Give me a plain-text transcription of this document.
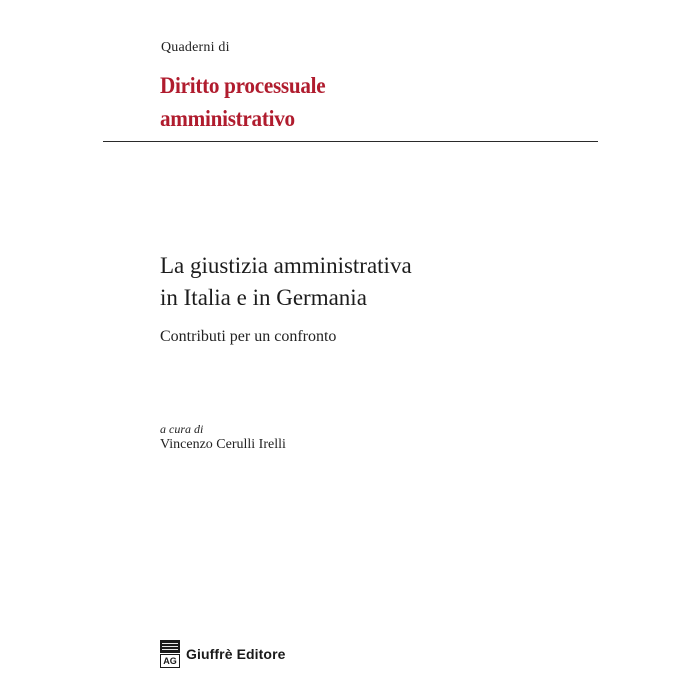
Quaderni di
Diritto processuale
amministrativo
La giustizia amministrativa
in Italia e in Germania
Contributi per un confronto
a cura di
Vincenzo Cerulli Irelli
AG Giuffrè Editore
